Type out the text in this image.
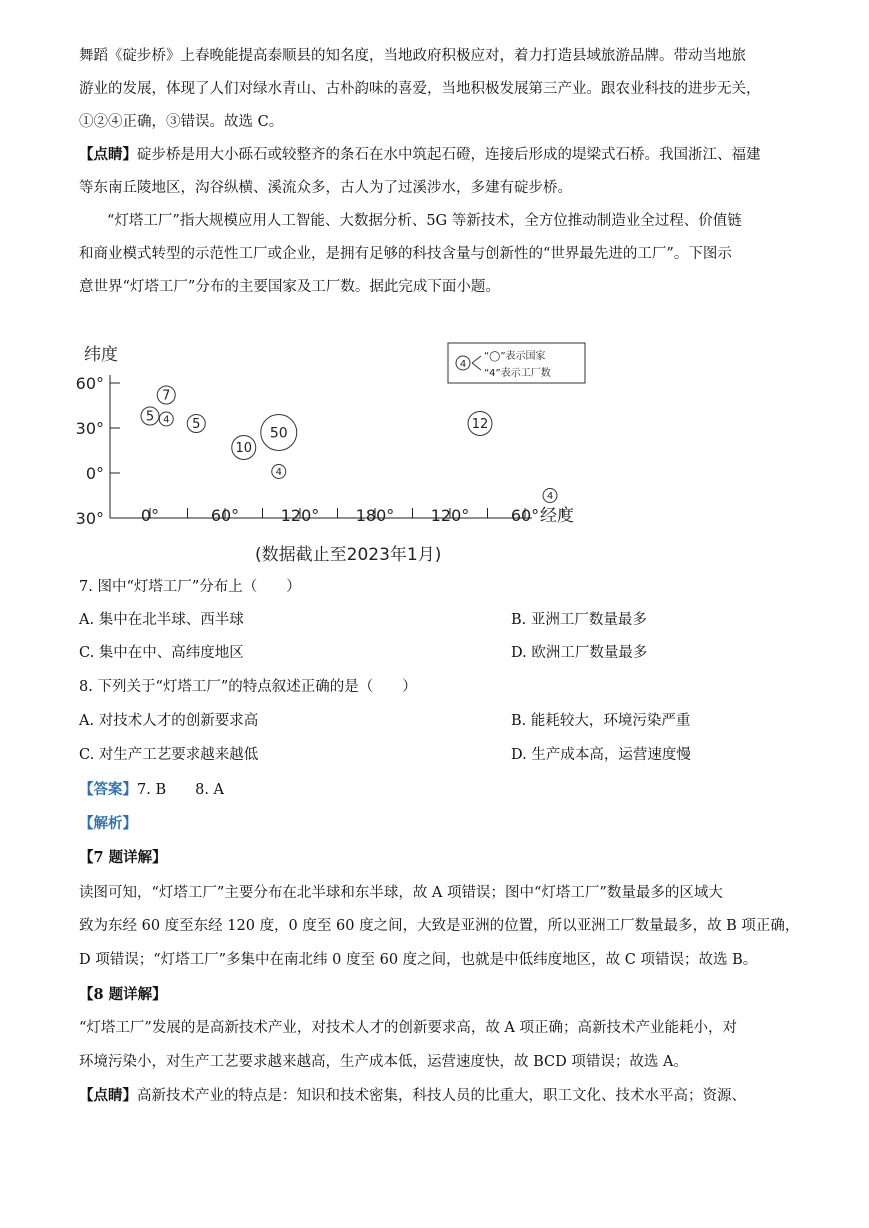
舞蹈《碇步桥》上春晚能提高泰顺县的知名度，当地政府积极应对，着力打造县域旅游品牌。带动当地旅
游业的发展，体现了人们对绿水青山、古朴韵味的喜爱，当地积极发展第三产业。跟农业科技的进步无关，
①②④正确，③错误。故选 C。
【点睛】碇步桥是用大小砾石或较整齐的条石在水中筑起石磴，连接后形成的堤梁式石桥。我国浙江、福建
等东南丘陵地区，沟谷纵横、溪流众多，古人为了过溪涉水，多建有碇步桥。
“灯塔工厂”指大规模应用人工智能、大数据分析、5G 等新技术，全方位推动制造业全过程、价值链
和商业模式转型的示范性工厂或企业，是拥有足够的科技含量与创新性的“世界最先进的工厂”。下图示
意世界“灯塔工厂”分布的主要国家及工厂数。据此完成下面小题。
纬度
60°
30°
0°
30° 0°	60°	120° 180° 120°	60° 经度
(数据截止至2023年1月)
4
“◯”表示国家
“4”表示工厂数
5
7
4 5
10
50
4
12
4
7. 图中“灯塔工厂”分布上（　　）
A. 集中在北半球、西半球	B. 亚洲工厂数量最多
C. 集中在中、高纬度地区	D. 欧洲工厂数量最多
8. 下列关于“灯塔工厂”的特点叙述正确的是（　　）
A. 对技术人才的创新要求高	B. 能耗较大，环境污染严重
C. 对生产工艺要求越来越低	D. 生产成本高，运营速度慢
【答案】7. B　　8. A
【解析】
【7 题详解】
读图可知，“灯塔工厂”主要分布在北半球和东半球，故 A 项错误；图中“灯塔工厂”数量最多的区域大
致为东经 60 度至东经 120 度，0 度至 60 度之间，大致是亚洲的位置，所以亚洲工厂数量最多，故 B 项正确，
D 项错误；“灯塔工厂”多集中在南北纬 0 度至 60 度之间，也就是中低纬度地区，故 C 项错误；故选 B。
【8 题详解】
“灯塔工厂”发展的是高新技术产业，对技术人才的创新要求高，故 A 项正确；高新技术产业能耗小，对
环境污染小，对生产工艺要求越来越高，生产成本低，运营速度快，故 BCD 项错误；故选 A。
【点睛】高新技术产业的特点是：知识和技术密集，科技人员的比重大，职工文化、技术水平高；资源、
